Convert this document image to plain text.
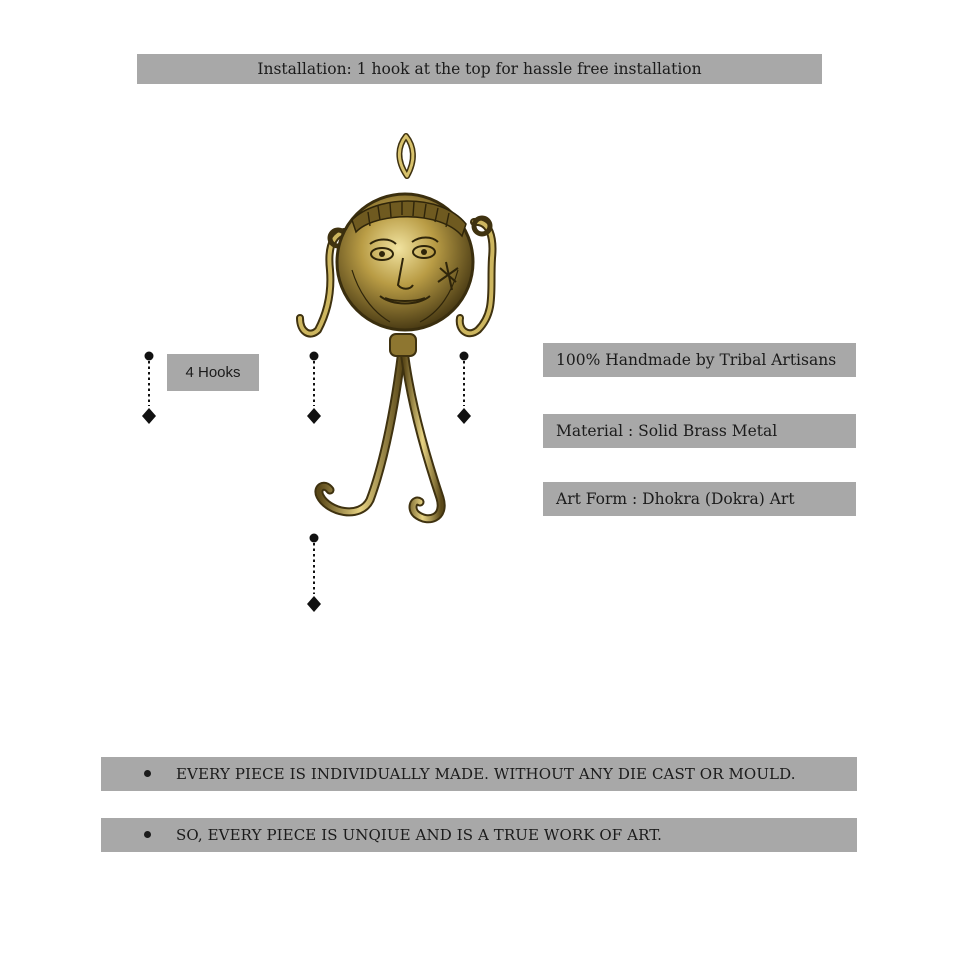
Installation: 1 hook at the top for hassle free installation
4 Hooks
100% Handmade by Tribal Artisans
Material : Solid Brass Metal
Art Form : Dhokra (Dokra) Art
EVERY PIECE IS INDIVIDUALLY MADE. WITHOUT ANY DIE CAST OR MOULD.
SO, EVERY PIECE IS UNQIUE AND IS A TRUE WORK OF ART.
